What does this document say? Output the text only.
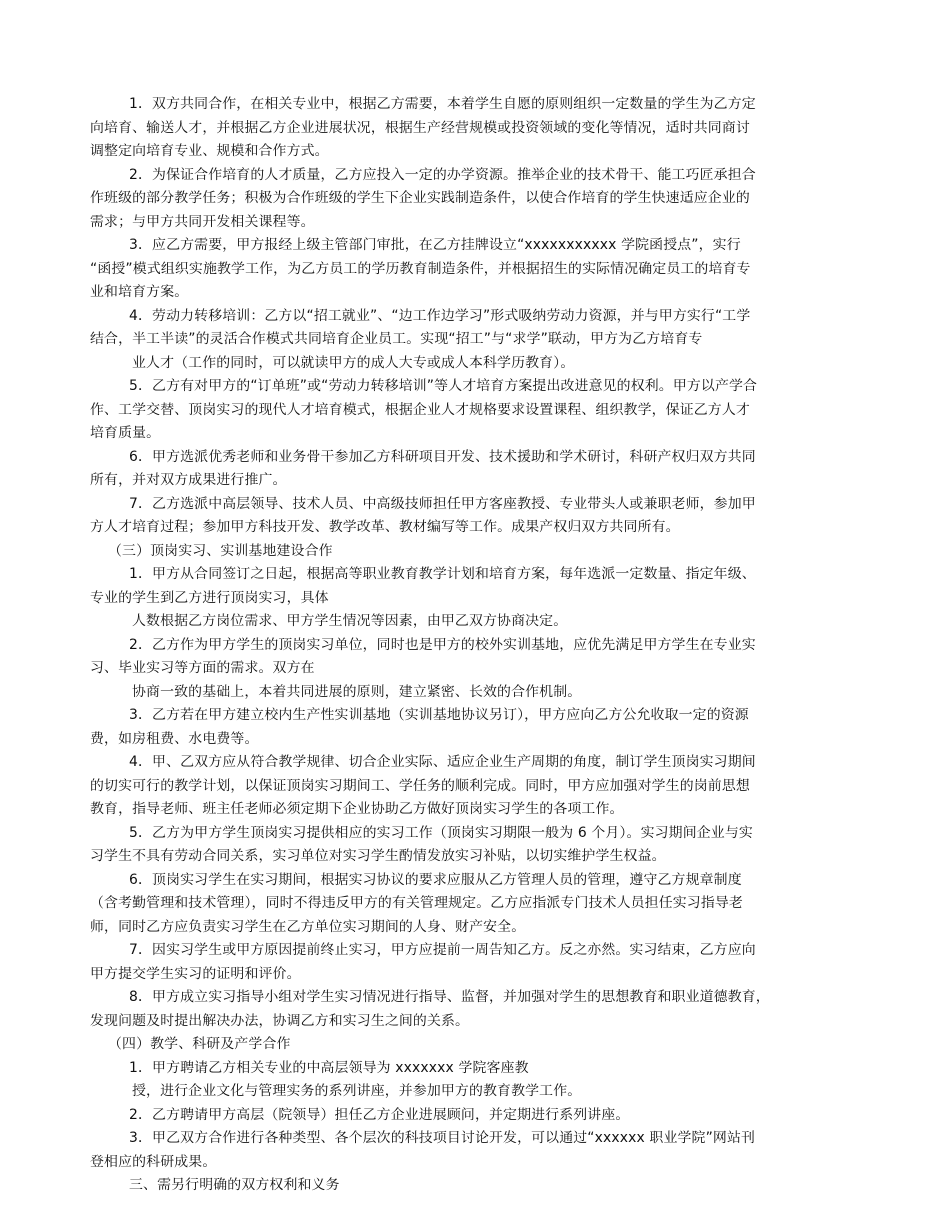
1．双方共同合作，在相关专业中，根据乙方需要，本着学生自愿的原则组织一定数量的学生为乙方定
向培育、输送人才，并根据乙方企业进展状况，根据生产经营规模或投资领域的变化等情况，适时共同商讨
调整定向培育专业、规模和合作方式。
2．为保证合作培育的人才质量，乙方应投入一定的办学资源。推举企业的技术骨干、能工巧匠承担合
作班级的部分教学任务；积极为合作班级的学生下企业实践制造条件，以使合作培育的学生快速适应企业的
需求；与甲方共同开发相关课程等。
3．应乙方需要，甲方报经上级主管部门审批，在乙方挂牌设立“xxxxxxxxxxx 学院函授点”，实行
“函授”模式组织实施教学工作，为乙方员工的学历教育制造条件，并根据招生的实际情况确定员工的培育专
业和培育方案。
4．劳动力转移培训：乙方以“招工就业”、“边工作边学习”形式吸纳劳动力资源，并与甲方实行“工学
结合，半工半读”的灵活合作模式共同培育企业员工。实现“招工”与“求学”联动，甲方为乙方培育专
业人才（工作的同时，可以就读甲方的成人大专或成人本科学历教育）。
5．乙方有对甲方的“订单班”或“劳动力转移培训”等人才培育方案提出改进意见的权利。甲方以产学合
作、工学交替、顶岗实习的现代人才培育模式，根据企业人才规格要求设置课程、组织教学，保证乙方人才
培育质量。
6．甲方选派优秀老师和业务骨干参加乙方科研项目开发、技术援助和学术研讨，科研产权归双方共同
所有，并对双方成果进行推广。
7．乙方选派中高层领导、技术人员、中高级技师担任甲方客座教授、专业带头人或兼职老师，参加甲
方人才培育过程；参加甲方科技开发、教学改革、教材编写等工作。成果产权归双方共同所有。
（三）顶岗实习、实训基地建设合作
1．甲方从合同签订之日起，根据高等职业教育教学计划和培育方案，每年选派一定数量、指定年级、
专业的学生到乙方进行顶岗实习，具体
人数根据乙方岗位需求、甲方学生情况等因素，由甲乙双方协商决定。
2．乙方作为甲方学生的顶岗实习单位，同时也是甲方的校外实训基地，应优先满足甲方学生在专业实
习、毕业实习等方面的需求。双方在
协商一致的基础上，本着共同进展的原则，建立紧密、长效的合作机制。
3．乙方若在甲方建立校内生产性实训基地（实训基地协议另订），甲方应向乙方公允收取一定的资源
费，如房租费、水电费等。
4．甲、乙双方应从符合教学规律、切合企业实际、适应企业生产周期的角度，制订学生顶岗实习期间
的切实可行的教学计划，以保证顶岗实习期间工、学任务的顺利完成。同时，甲方应加强对学生的岗前思想
教育，指导老师、班主任老师必须定期下企业协助乙方做好顶岗实习学生的各项工作。
5．乙方为甲方学生顶岗实习提供相应的实习工作（顶岗实习期限一般为 6 个月）。实习期间企业与实
习学生不具有劳动合同关系，实习单位对实习学生酌情发放实习补贴，以切实维护学生权益。
6．顶岗实习学生在实习期间，根据实习协议的要求应服从乙方管理人员的管理，遵守乙方规章制度
（含考勤管理和技术管理），同时不得违反甲方的有关管理规定。乙方应指派专门技术人员担任实习指导老
师，同时乙方应负责实习学生在乙方单位实习期间的人身、财产安全。
7．因实习学生或甲方原因提前终止实习，甲方应提前一周告知乙方。反之亦然。实习结束，乙方应向
甲方提交学生实习的证明和评价。
8．甲方成立实习指导小组对学生实习情况进行指导、监督，并加强对学生的思想教育和职业道德教育，
发现问题及时提出解决办法，协调乙方和实习生之间的关系。
（四）教学、科研及产学合作
1．甲方聘请乙方相关专业的中高层领导为 xxxxxxx 学院客座教
授，进行企业文化与管理实务的系列讲座，并参加甲方的教育教学工作。
2．乙方聘请甲方高层（院领导）担任乙方企业进展顾问，并定期进行系列讲座。
3．甲乙双方合作进行各种类型、各个层次的科技项目讨论开发，可以通过“xxxxxx 职业学院”网站刊
登相应的科研成果。
三、需另行明确的双方权利和义务
